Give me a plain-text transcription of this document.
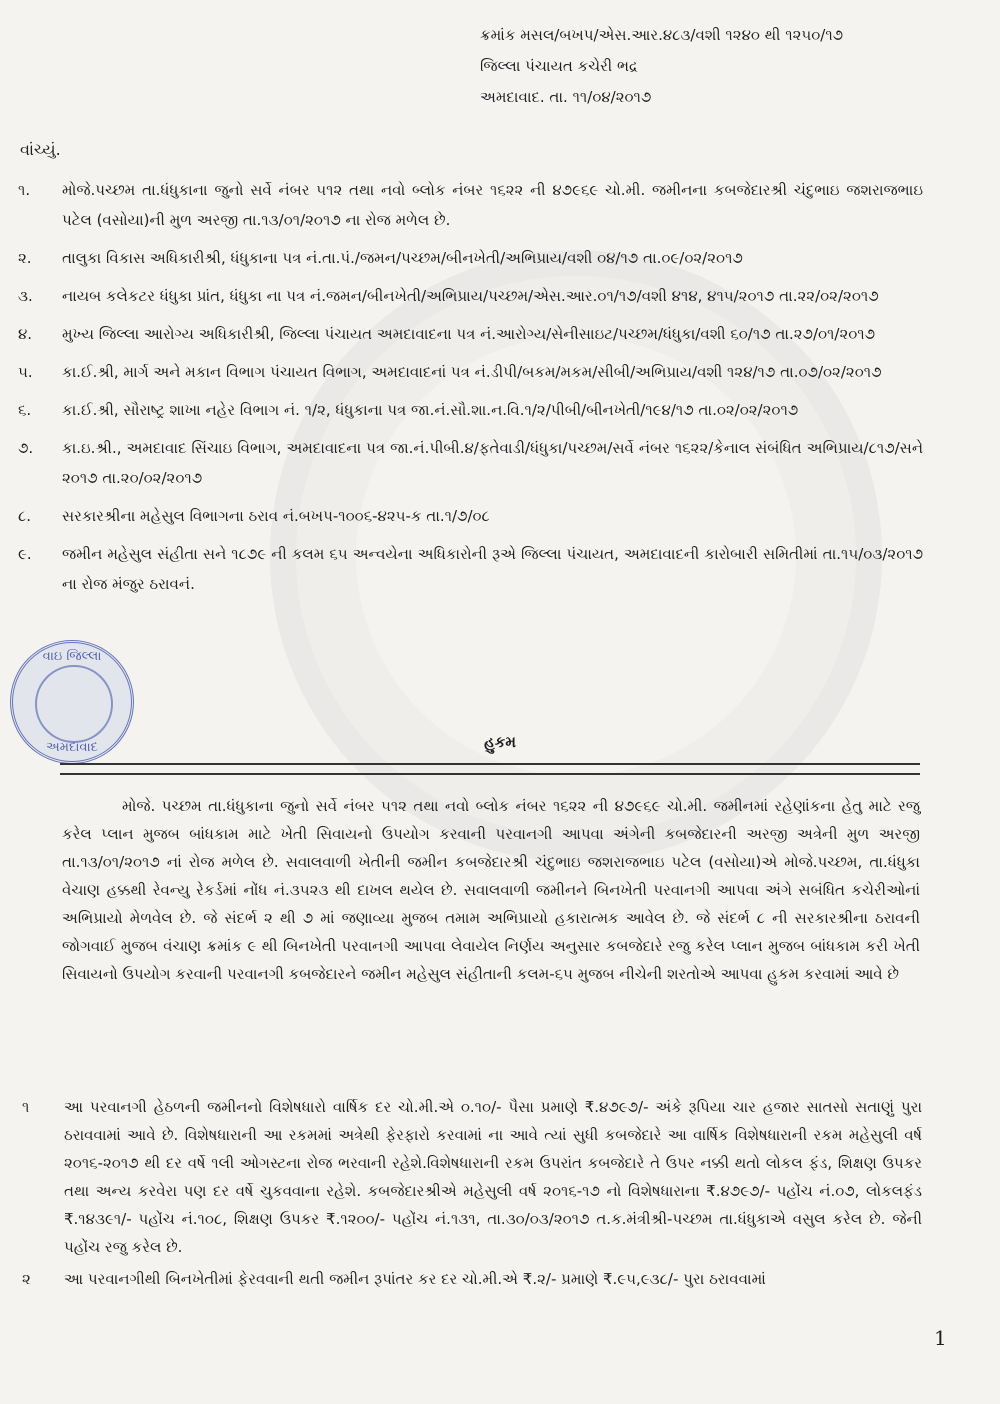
ક્રમાંક મસલ/બખપ/એસ.આર.૪૮૩/વશી ૧૨૪૦ થી ૧૨૫૦/૧૭
જિલ્લા પંચાયત કચેરી ભદ્ર
અમદાવાદ. તા. ૧૧/૦૪/૨૦૧૭
વાંચ્યું.
૧.	મોજે.પચ્છમ તા.ધંધુકાના જુનો સર્વે નંબર ૫૧૨ તથા નવો બ્લોક નંબર ૧૬૨૨ ની ૪૭૯૬૯ ચો.મી. જમીનના કબજેદારશ્રી ચંદુભાઇ જશરાજભાઇ પટેલ (વસોયા)ની મુળ અરજી તા.૧૩/૦૧/૨૦૧૭ ના રોજ મળેલ છે.
૨.	તાલુકા વિકાસ અધિકારીશ્રી, ધંધુકાના પત્ર નં.તા.પં./જમન/પચ્છમ/બીનખેતી/અભિપ્રાય/વશી ૦૪/૧૭ તા.૦૯/૦૨/૨૦૧૭
૩.	નાયબ કલેકટર ધંધુકા પ્રાંત, ધંધુકા ના પત્ર નં.જમન/બીનખેતી/અભિપ્રાય/પચ્છમ/એસ.આર.૦૧/૧૭/વશી ૪૧૪, ૪૧૫/૨૦૧૭ તા.૨૨/૦૨/૨૦૧૭
૪.	મુખ્ય જિલ્લા આરોગ્ય અધિકારીશ્રી, જિલ્લા પંચાયત અમદાવાદના પત્ર નં.આરોગ્ય/સેનીસાઇટ/પચ્છમ/ધંધુકા/વશી ૬૦/૧૭ તા.૨૭/૦૧/૨૦૧૭
૫.	કા.ઈ.શ્રી, માર્ગ અને મકાન વિભાગ પંચાયત વિભાગ, અમદાવાદનાં પત્ર નં.ડીપી/બકમ/મકમ/સીબી/અભિપ્રાય/વશી ૧૨૪/૧૭ તા.૦૭/૦૨/૨૦૧૭
૬.	કા.ઈ.શ્રી, સૌરાષ્ટ્ર શાખા નહેર વિભાગ નં. ૧/૨, ધંધુકાના પત્ર જા.નં.સૌ.શા.ન.વિ.૧/૨/પીબી/બીનખેતી/૧૯૪/૧૭ તા.૦૨/૦૨/૨૦૧૭
૭.	કા.ઇ.શ્રી., અમદાવાદ સિંચાઇ વિભાગ, અમદાવાદના પત્ર જા.નં.પીબી.૪/ફતેવાડી/ધંધુકા/પચ્છમ/સર્વે નંબર ૧૬૨૨/કેનાલ સંબંધિત અભિપ્રાય/૮૧૭/સને ૨૦૧૭ તા.૨૦/૦૨/૨૦૧૭
૮.	સરકારશ્રીના મહેસુલ વિભાગના ઠરાવ નં.બખપ-૧૦૦૬-૪૨૫-ક તા.૧/૭/૦૮
૯.	જમીન મહેસુલ સંહીતા સને ૧૮૭૯ ની કલમ ૬૫ અન્વયેના અધિકારોની રૂએ જિલ્લા પંચાયત, અમદાવાદની કારોબારી સમિતીમાં તા.૧૫/૦૩/૨૦૧૭ ના રોજ મંજુર ઠરાવનં.
વાઇ જિલ્લા
અમદાવાદ	હુકમ
મોજે. પચ્છમ તા.ધંધુકાના જુનો સર્વે નંબર ૫૧૨ તથા નવો બ્લોક નંબર ૧૬૨૨ ની ૪૭૯૬૯ ચો.મી. જમીનમાં રહેણાંકના હેતુ માટે રજુ કરેલ પ્લાન મુજબ બાંધકામ માટે ખેતી સિવાયનો ઉપયોગ કરવાની પરવાનગી આપવા અંગેની કબજેદારની અરજી અત્રેની મુળ અરજી તા.૧૩/૦૧/૨૦૧૭ નાં રોજ મળેલ છે. સવાલવાળી ખેતીની જમીન કબજેદારશ્રી ચંદુભાઇ જશરાજભાઇ પટેલ (વસોયા)એ મોજે.પચ્છમ, તા.ધંધુકા વેચાણ હક્કથી રેવન્યુ રેકર્ડમાં નોંધ નં.૩૫૨૩ થી દાખલ થયેલ છે. સવાલવાળી જમીનને બિનખેતી પરવાનગી આપવા અંગે સબંધિત કચેરીઓનાં અભિપ્રાયો મેળવેલ છે. જે સંદર્ભ ૨ થી ૭ માં જણાવ્યા મુજબ તમામ અભિપ્રાયો હકારાત્મક આવેલ છે. જે સંદર્ભ ૮ ની સરકારશ્રીના ઠરાવની જોગવાઈ મુજબ વંચાણ ક્રમાંક ૯ થી બિનખેતી પરવાનગી આપવા લેવાયેલ નિર્ણય અનુસાર કબજેદારે રજુ કરેલ પ્લાન મુજબ બાંધકામ કરી ખેતી સિવાયનો ઉપયોગ કરવાની પરવાનગી કબજેદારને જમીન મહેસુલ સંહીતાની કલમ-૬૫ મુજબ નીચેની શરતોએ આપવા હુકમ કરવામાં આવે છે
૧	આ પરવાનગી હેઠળની જમીનનો વિશેષધારો વાર્ષિક દર ચો.મી.એ ૦.૧૦/- પૈસા પ્રમાણે ₹.૪૭૯૭/- અંકે રૂપિયા ચાર હજાર સાતસો સતાણું પુરા ઠરાવવામાં આવે છે. વિશેષધારાની આ રકમમાં અત્રેથી ફેરફારો કરવામાં ના આવે ત્યાં સુધી કબજેદારે આ વાર્ષિક વિશેષધારાની રકમ મહેસુલી વર્ષ ૨૦૧૬-૨૦૧૭ થી દર વર્ષે ૧લી ઓગસ્ટના રોજ ભરવાની રહેશે.વિશેષધારાની રકમ ઉપરાંત કબજેદારે તે ઉપર નક્કી થતો લોકલ ફંડ, શિક્ષણ ઉપકર તથા અન્ય કરવેરા પણ દર વર્ષે ચુકવવાના રહેશે. કબજેદારશ્રીએ મહેસુલી વર્ષ ૨૦૧૬-૧૭ નો વિશેષધારાના ₹.૪૭૯૭/- પહોંચ નં.૦૭, લોકલફંડ ₹.૧૪૩૯૧/- પહોંચ નં.૧૦૮, શિક્ષણ ઉપકર ₹.૧૨૦૦/- પહોંચ નં.૧૩૧, તા.૩૦/૦૩/૨૦૧૭ ત.ક.મંત્રીશ્રી-પચ્છમ તા.ધંધુકાએ વસુલ કરેલ છે. જેની પહોંચ રજુ કરેલ છે.
૨	આ પરવાનગીથી બિનખેતીમાં ફેરવવાની થતી જમીન રૂપાંતર કર દર ચો.મી.એ ₹.૨/- પ્રમાણે ₹.૯૫,૯૩૮/- પુરા ઠરાવવામાં
1
